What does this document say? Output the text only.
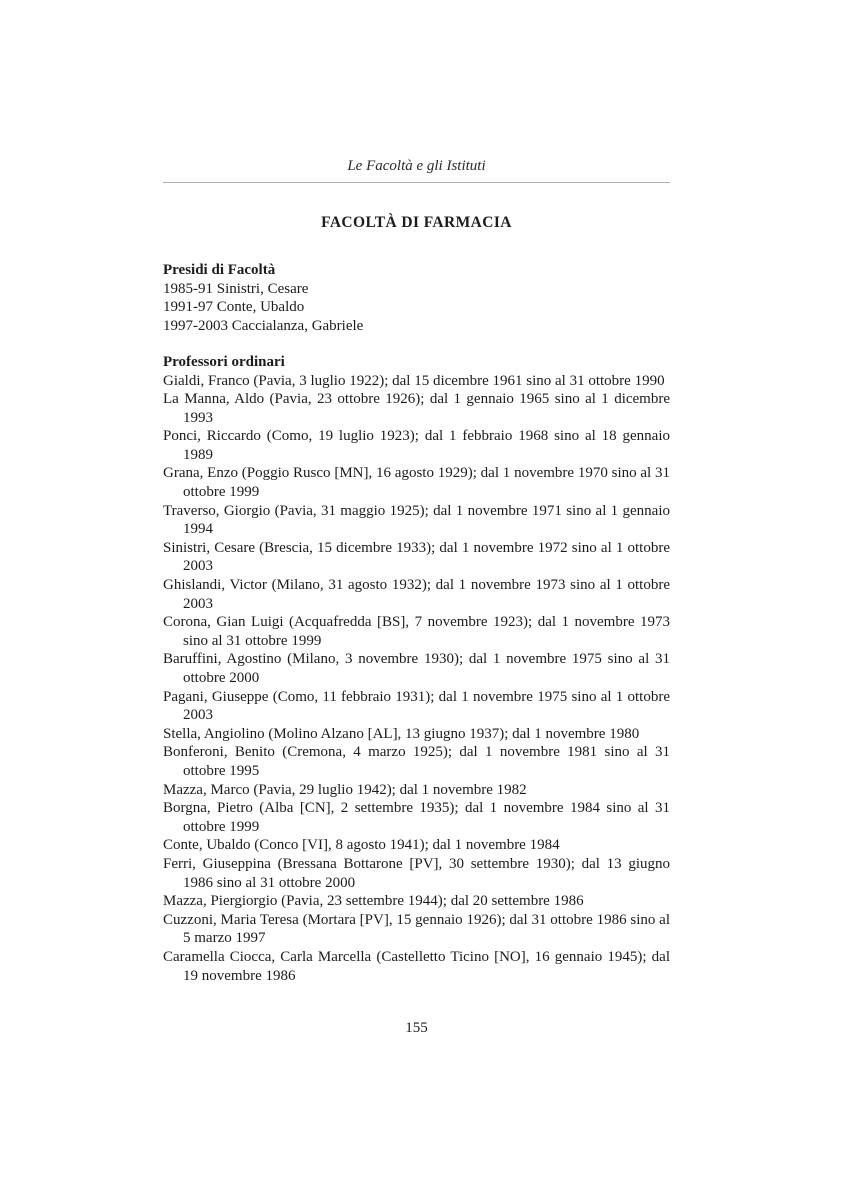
Le Facoltà e gli Istituti
FACOLTÀ DI FARMACIA
Presidi di Facoltà
1985-91 Sinistri, Cesare
1991-97 Conte, Ubaldo
1997-2003 Caccialanza, Gabriele
Professori ordinari
Gialdi, Franco (Pavia, 3 luglio 1922); dal 15 dicembre 1961 sino al 31 ottobre 1990
La Manna, Aldo (Pavia, 23 ottobre 1926); dal 1 gennaio 1965 sino al 1 dicembre 1993
Ponci, Riccardo (Como, 19 luglio 1923); dal 1 febbraio 1968 sino al 18 gennaio 1989
Grana, Enzo (Poggio Rusco [MN], 16 agosto 1929); dal 1 novembre 1970 sino al 31 ottobre 1999
Traverso, Giorgio (Pavia, 31 maggio 1925); dal 1 novembre 1971 sino al 1 gennaio 1994
Sinistri, Cesare (Brescia, 15 dicembre 1933); dal 1 novembre 1972 sino al 1 ottobre 2003
Ghislandi, Victor (Milano, 31 agosto 1932); dal 1 novembre 1973 sino al 1 ottobre 2003
Corona, Gian Luigi (Acquafredda [BS], 7 novembre 1923); dal 1 novembre 1973 sino al 31 ottobre 1999
Baruffini, Agostino (Milano, 3 novembre 1930); dal 1 novembre 1975 sino al 31 ottobre 2000
Pagani, Giuseppe (Como, 11 febbraio 1931); dal 1 novembre 1975 sino al 1 ottobre 2003
Stella, Angiolino (Molino Alzano [AL], 13 giugno 1937); dal 1 novembre 1980
Bonferoni, Benito (Cremona, 4 marzo 1925); dal 1 novembre 1981 sino al 31 ottobre 1995
Mazza, Marco (Pavia, 29 luglio 1942); dal 1 novembre 1982
Borgna, Pietro (Alba [CN], 2 settembre 1935); dal 1 novembre 1984 sino al 31 ottobre 1999
Conte, Ubaldo (Conco [VI], 8 agosto 1941); dal 1 novembre 1984
Ferri, Giuseppina (Bressana Bottarone [PV], 30 settembre 1930); dal 13 giugno 1986 sino al 31 ottobre 2000
Mazza, Piergiorgio (Pavia, 23 settembre 1944); dal 20 settembre 1986
Cuzzoni, Maria Teresa (Mortara [PV], 15 gennaio 1926); dal 31 ottobre 1986 sino al 5 marzo 1997
Caramella Ciocca, Carla Marcella (Castelletto Ticino [NO], 16 gennaio 1945); dal 19 novembre 1986
155
